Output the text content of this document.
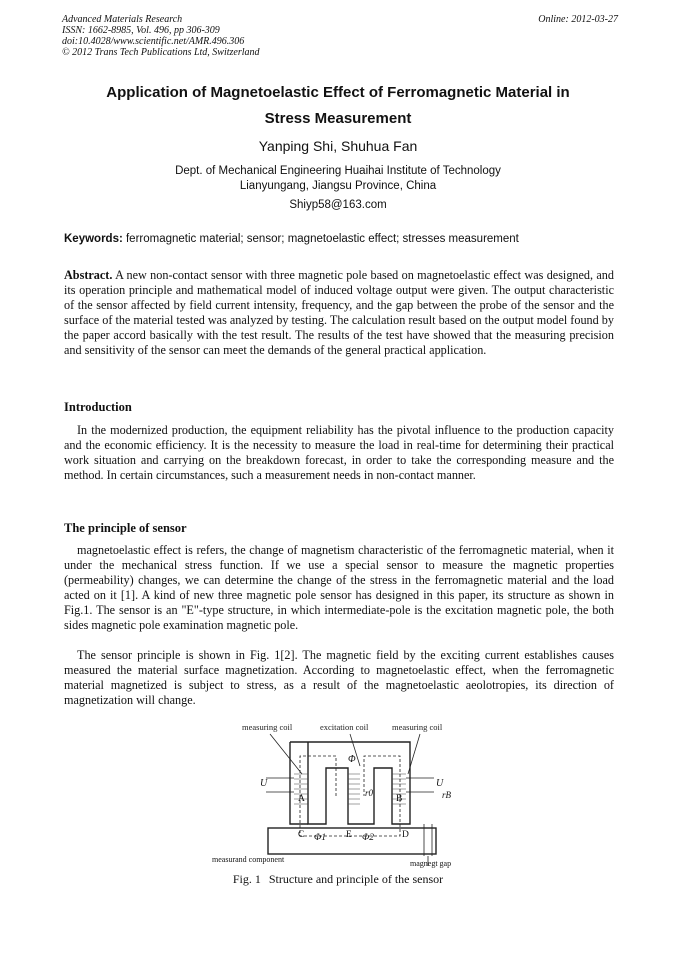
Advanced Materials Research
ISSN: 1662-8985, Vol. 496, pp 306-309
doi:10.4028/www.scientific.net/AMR.496.306
© 2012 Trans Tech Publications Ltd, Switzerland
Online: 2012-03-27
Application of Magnetoelastic Effect of Ferromagnetic Material in
Stress Measurement
Yanping Shi, Shuhua Fan
Dept. of Mechanical Engineering Huaihai Institute of Technology
Lianyungang, Jiangsu Province, China
Shiyp58@163.com
Keywords: ferromagnetic material; sensor; magnetoelastic effect; stresses measurement
Abstract. A new non-contact sensor with three magnetic pole based on magnetoelastic effect was designed, and its operation principle and mathematical model of induced voltage output were given. The output characteristic of the sensor affected by field current intensity, frequency, and the gap between the probe of the sensor and the surface of the material tested was analyzed by testing. The calculation result based on the output model found by the paper accord basically with the test result. The results of the test have showed that the measuring precision and sensitivity of the sensor can meet the demands of the general practical application.
Introduction
In the modernized production, the equipment reliability has the pivotal influence to the production capacity and the economic efficiency. It is the necessity to measure the load in real-time for determining their practical work situation and carrying on the breakdown forecast, in order to take the corresponding measure and the method. In certain circumstances, such a measurement needs in non-contact manner.
The principle of sensor
magnetoelastic effect is refers, the change of magnetism characteristic of the ferromagnetic material, when it under the mechanical stress function. If we use a special sensor to measure the magnetic properties (permeability) changes, we can determine the change of the stress in the ferromagnetic material and the load acted on it [1]. A kind of new three magnetic pole sensor has designed in this paper, its structure as shown in Fig.1. The sensor is an "E"-type structure, in which intermediate-pole is the excitation magnetic pole, the both sides magnetic pole examination magnetic pole.
The sensor principle is shown in Fig. 1[2]. The magnetic field by the exciting current establishes causes measured the material surface magnetization. According to magnetoelastic effect, when the ferromagnetic material magnetized is subject to stress, as a result of the magnetoelastic aeolotropies, its direction of magnetization will change.
measuring coil	excitation coil	measuring coil
Φ
U	U
A	B
r0	rB
C	E	D
Φ1	Φ2
measurand component	magnegt gap
Fig. 1 Structure and principle of the sensor
